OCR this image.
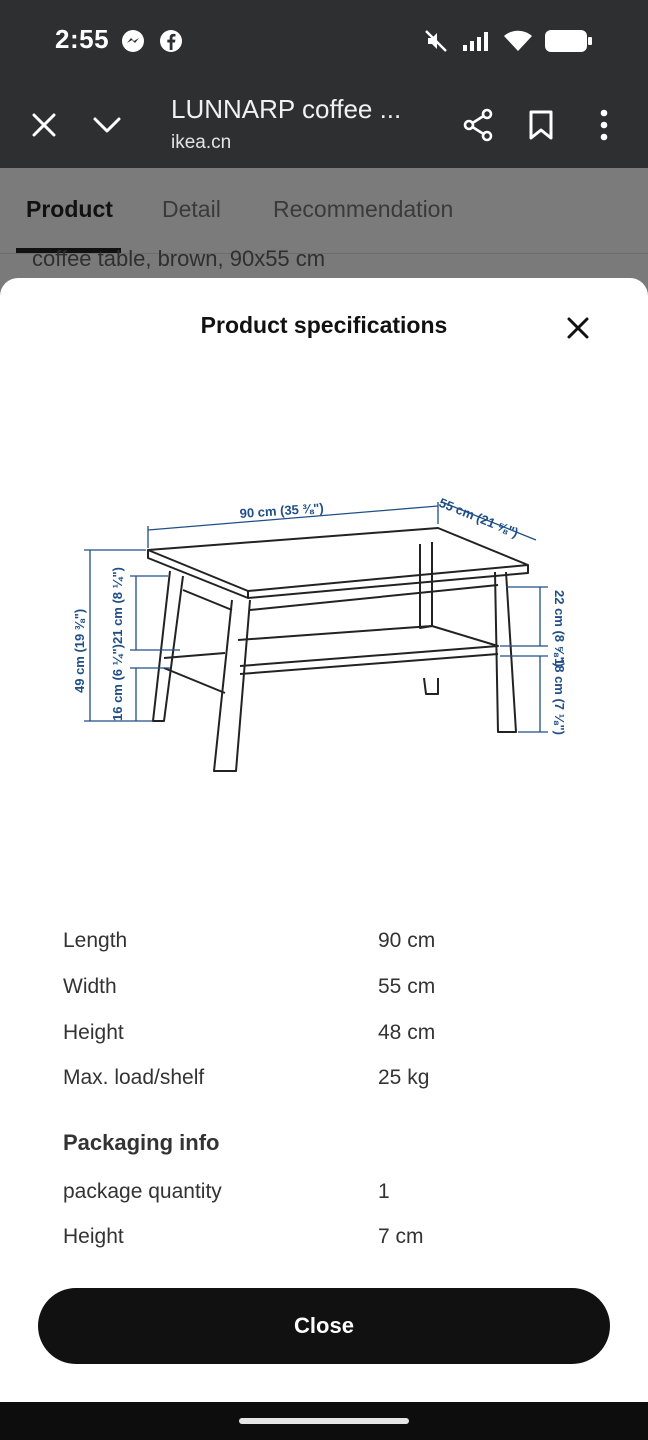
2:55
LUNNARP coffee ...
ikea.cn
Product Detail Recommendation
coffee table, brown, 90x55 cm
Product specifications
90 cm (35 ⅜")	55 cm (21 ⅝")
49 cm (19 ⅜")
21 cm (8 ¼")
16 cm (6 ¼")
22 cm (8 ⅝")
18 cm (7 ⅛")
Length	90 cm
Width	55 cm
Height	48 cm
Max. load/shelf	25 kg
Packaging info
package quantity	1
Height	7 cm
Close
